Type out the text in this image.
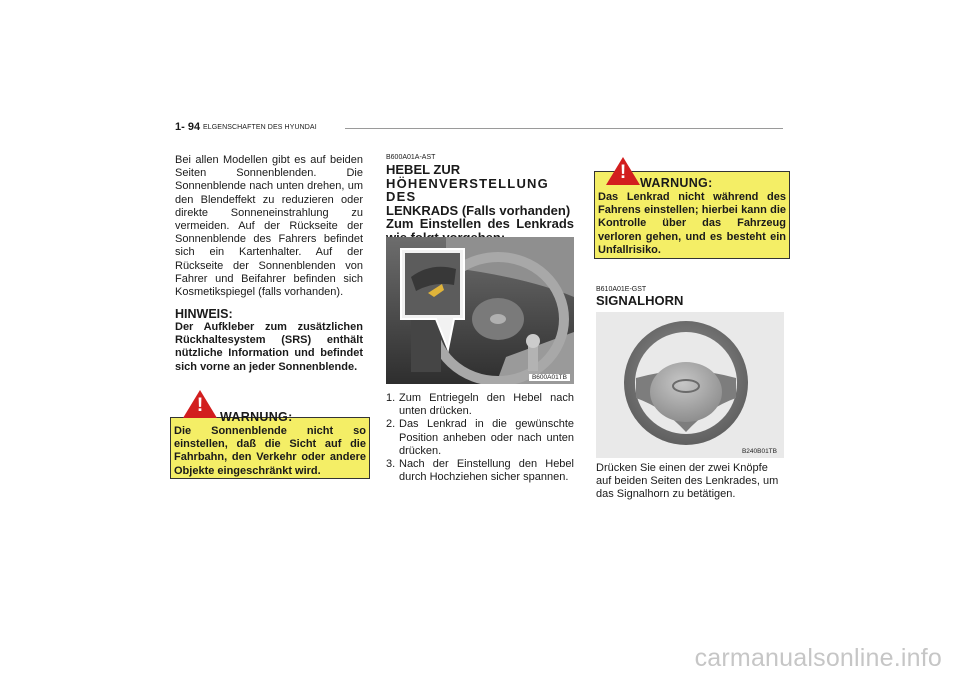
1- 94 ELGENSCHAFTEN DES HYUNDAI
Bei allen Modellen gibt es auf beiden Seiten Sonnenblenden. Die Sonnenblende nach unten drehen, um den Blendeffekt zu reduzieren oder direkte Sonneneinstrahlung zu vermeiden. Auf der Rückseite der Sonnenblende des Fahrers befindet sich ein Kartenhalter. Auf der Rückseite der Sonnenblenden von Fahrer und Beifahrer befinden sich Kosmetikspiegel (falls vorhanden).
HINWEIS:
Der Aufkleber zum zusätzlichen Rückhaltesystem (SRS) enthält nützliche Information und befindet sich vorne an jeder Sonnenblende.
WARNUNG:
Die Sonnenblende nicht so einstellen, daß die Sicht auf die Fahrbahn, den Verkehr oder andere Objekte eingeschränkt wird.
!
B600A01A-AST
HEBEL ZUR
HÖHENVERSTELLUNG DES
LENKRADS (Falls vorhanden)
Zum Einstellen des Lenkrads
B600A01TB
1. Zum Entriegeln den Hebel nach unten drücken.
2. Das Lenkrad in die gewünschte Position anheben oder nach unten drücken.
3. Nach der Einstellung den Hebel durch Hochziehen sicher spannen.
WARNUNG:
Das Lenkrad nicht während des Fahrens einstellen; hierbei kann die Kontrolle über das Fahrzeug verloren gehen, und es besteht ein Unfallrisiko.
!
B610A01E-GST
SIGNALHORN
B240B01TB
Drücken Sie einen der zwei Knöpfe auf beiden Seiten des Lenkrades, um das Signalhorn zu betätigen.
carmanualsonline.info
